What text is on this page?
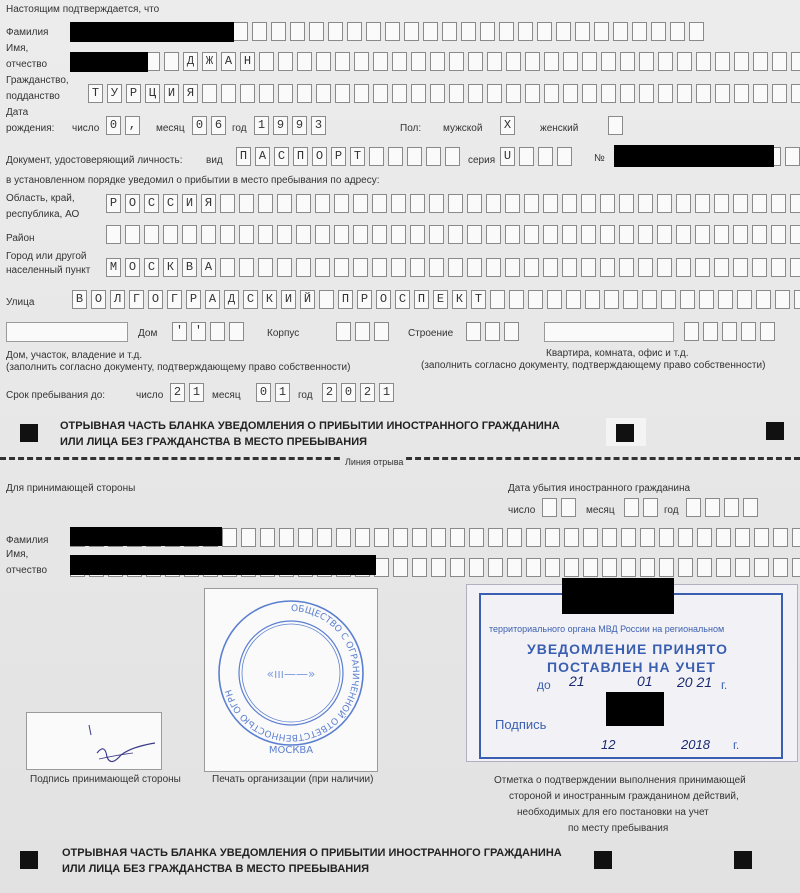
Настоящим подтверждается, что
Фамилия
Имя,
отчество	Д Ж А Н
Гражданство,
подданство	Т У Р Ц И Я
Дата
рождения: число 0 ,	месяц 0 6 год 1 9 9 3	Пол: мужской	X	женский
Документ, удостоверяющий личность: вид	П А С П О Р Т	серия U	№
в установленном порядке уведомил о прибытии в место пребывания по адресу:
Область, край,
республика, АО
Р О С С И Я
Район
Город или другой
населенный пункт	М О С К В А
Улица	В О Л Г О Г Р А Д С К И Й	П Р О С П Е К Т
Дом	' '	Корпус	Строение
Дом, участок, владение и т.д.
(заполнить согласно документу, подтверждающему право собственности)
Квартира, комната, офис и т.д.
(заполнить согласно документу, подтверждающему право собственности)
Срок пребывания до:	число 2 1	месяц	0 1	год	2 0 2 1
ОТРЫВНАЯ ЧАСТЬ БЛАНКА УВЕДОМЛЕНИЯ О ПРИБЫТИИ ИНОСТРАННОГО ГРАЖДАНИНА
ИЛИ ЛИЦА БЕЗ ГРАЖДАНСТВА В МЕСТО ПРЕБЫВАНИЯ
Линия отрыва
Для принимающей стороны	Дата убытия иностранного гражданина
число	месяц	год
Фамилия
Имя,
отчество
Подпись принимающей стороны
ОБЩЕСТВО С ОГРАНИЧЕННОЙ ОТВЕТСТВЕННОСТЬЮ ОГРН
«ııı——»
МОСКВА
Печать организации (при наличии)
территориального органа МВД России на региональном
УВЕДОМЛЕНИЕ ПРИНЯТО
ПОСТАВЛЕН НА УЧЕТ
до 21	01 20 21 г.
Подпись
12	2018 г.
Отметка о подтверждении выполнения принимающей
стороной и иностранным гражданином действий,
необходимых для его постановки на учет
по месту пребывания
ОТРЫВНАЯ ЧАСТЬ БЛАНКА УВЕДОМЛЕНИЯ О ПРИБЫТИИ ИНОСТРАННОГО ГРАЖДАНИНА
ИЛИ ЛИЦА БЕЗ ГРАЖДАНСТВА В МЕСТО ПРЕБЫВАНИЯ
